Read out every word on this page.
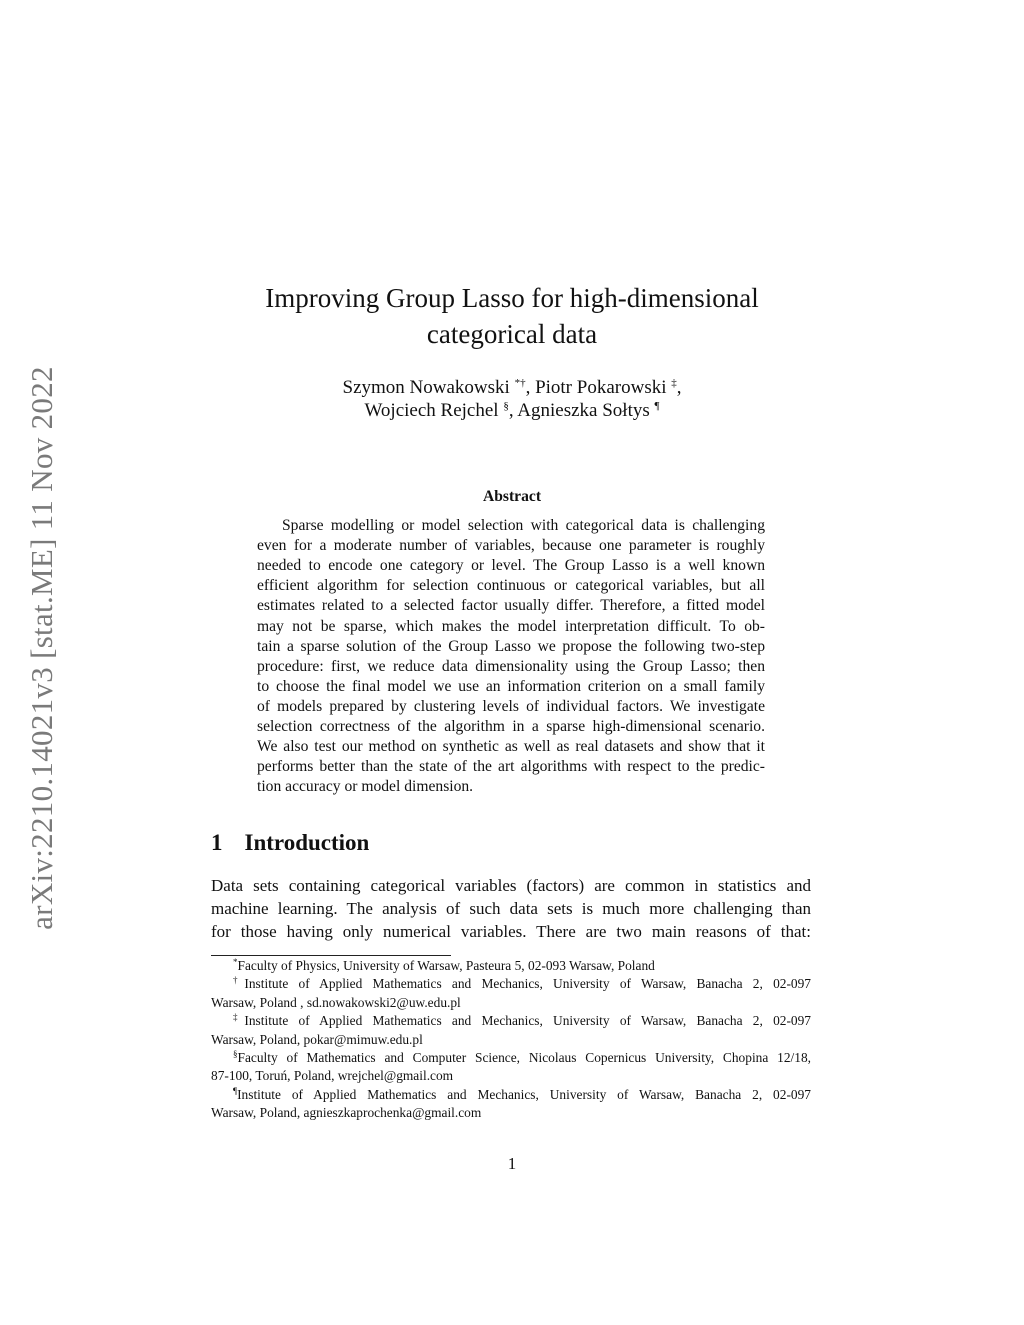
arXiv:2210.14021v3 [stat.ME] 11 Nov 2022
Improving Group Lasso for high-dimensional
categorical data
Szymon Nowakowski *†, Piotr Pokarowski ‡,
Wojciech Rejchel §, Agnieszka Sołtys ¶
Abstract
Sparse modelling or model selection with categorical data is challenging
even for a moderate number of variables, because one parameter is roughly
needed to encode one category or level. The Group Lasso is a well known
efficient algorithm for selection continuous or categorical variables, but all
estimates related to a selected factor usually differ. Therefore, a fitted model
may not be sparse, which makes the model interpretation difficult. To ob-
tain a sparse solution of the Group Lasso we propose the following two-step
procedure: first, we reduce data dimensionality using the Group Lasso; then
to choose the final model we use an information criterion on a small family
of models prepared by clustering levels of individual factors. We investigate
selection correctness of the algorithm in a sparse high-dimensional scenario.
We also test our method on synthetic as well as real datasets and show that it
performs better than the state of the art algorithms with respect to the predic-
tion accuracy or model dimension.
1 Introduction
Data sets containing categorical variables (factors) are common in statistics and
machine learning. The analysis of such data sets is much more challenging than
for those having only numerical variables. There are two main reasons of that:
*Faculty of Physics, University of Warsaw, Pasteura 5, 02-093 Warsaw, Poland
†Institute of Applied Mathematics and Mechanics, University of Warsaw, Banacha 2, 02-097
Warsaw, Poland , sd.nowakowski2@uw.edu.pl
‡Institute of Applied Mathematics and Mechanics, University of Warsaw, Banacha 2, 02-097
Warsaw, Poland, pokar@mimuw.edu.pl
§Faculty of Mathematics and Computer Science, Nicolaus Copernicus University, Chopina 12/18,
87-100, Toruń, Poland, wrejchel@gmail.com
¶Institute of Applied Mathematics and Mechanics, University of Warsaw, Banacha 2, 02-097
Warsaw, Poland, agnieszkaprochenka@gmail.com
1
